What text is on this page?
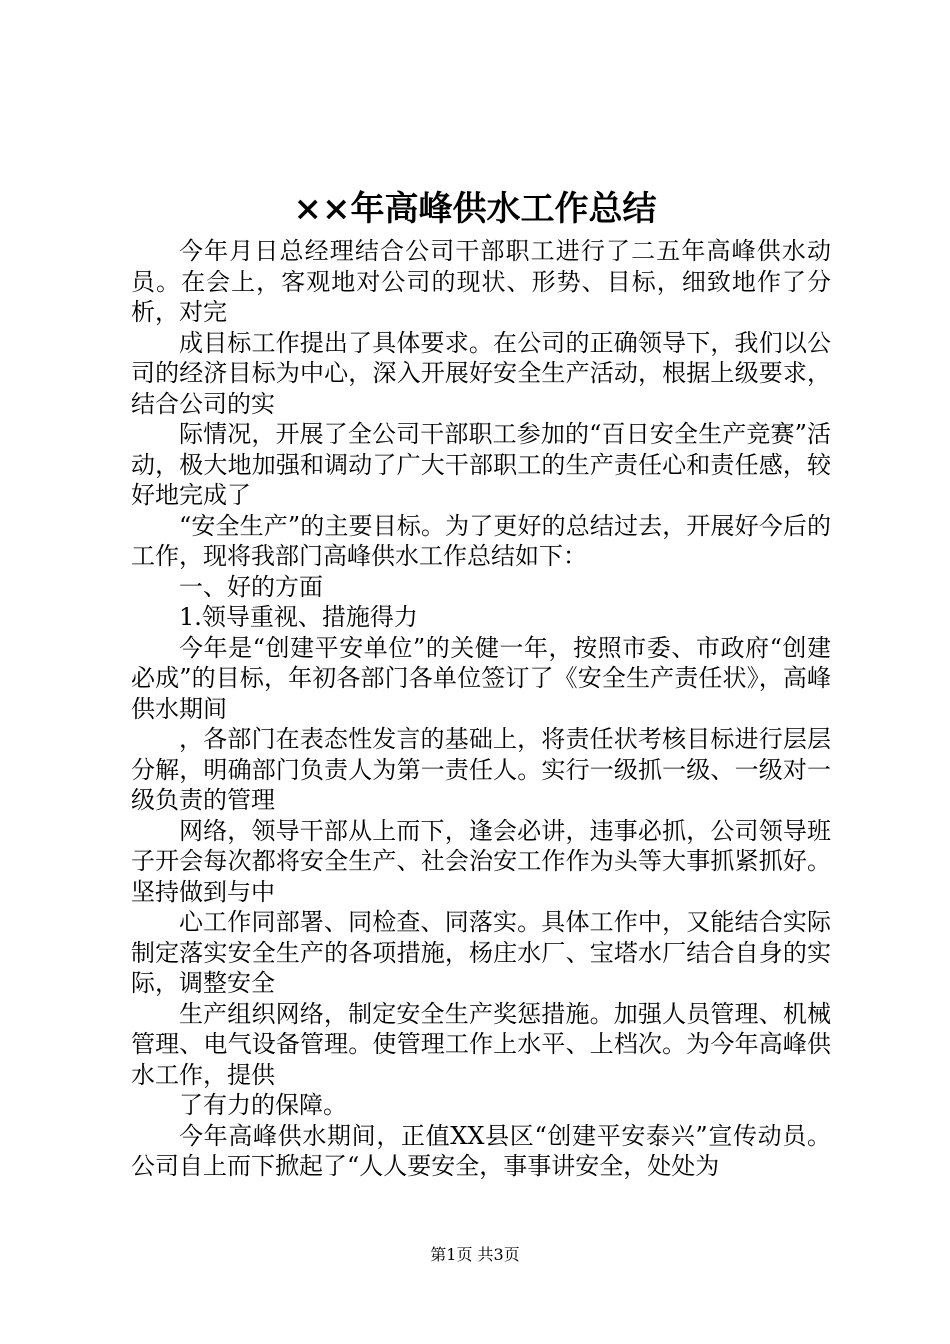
××年高峰供水工作总结

今年月日总经理结合公司干部职工进行了二五年高峰供水动员。在会上，客观地对公司的现状、形势、目标，细致地作了分析，对完

成目标工作提出了具体要求。在公司的正确领导下，我们以公司的经济目标为中心，深入开展好安全生产活动，根据上级要求，结合公司的实

际情况，开展了全公司干部职工参加的“百日安全生产竞赛”活动，极大地加强和调动了广大干部职工的生产责任心和责任感，较好地完成了

“安全生产”的主要目标。为了更好的总结过去，开展好今后的工作，现将我部门高峰供水工作总结如下：

一、好的方面

1.领导重视、措施得力

今年是“创建平安单位”的关健一年，按照市委、市政府“创建必成”的目标，年初各部门各单位签订了《安全生产责任状》，高峰供水期间

，各部门在表态性发言的基础上，将责任状考核目标进行层层分解，明确部门负责人为第一责任人。实行一级抓一级、一级对一级负责的管理

网络，领导干部从上而下，逢会必讲，违事必抓，公司领导班子开会每次都将安全生产、社会治安工作作为头等大事抓紧抓好。坚持做到与中

心工作同部署、同检查、同落实。具体工作中，又能结合实际制定落实安全生产的各项措施，杨庄水厂、宝塔水厂结合自身的实际，调整安全

生产组织网络，制定安全生产奖惩措施。加强人员管理、机械管理、电气设备管理。使管理工作上水平、上档次。为今年高峰供水工作，提供

了有力的保障。

今年高峰供水期间，正值XX县区“创建平安泰兴”宣传动员。公司自上而下掀起了“人人要安全，事事讲安全，处处为

第1页 共3页
